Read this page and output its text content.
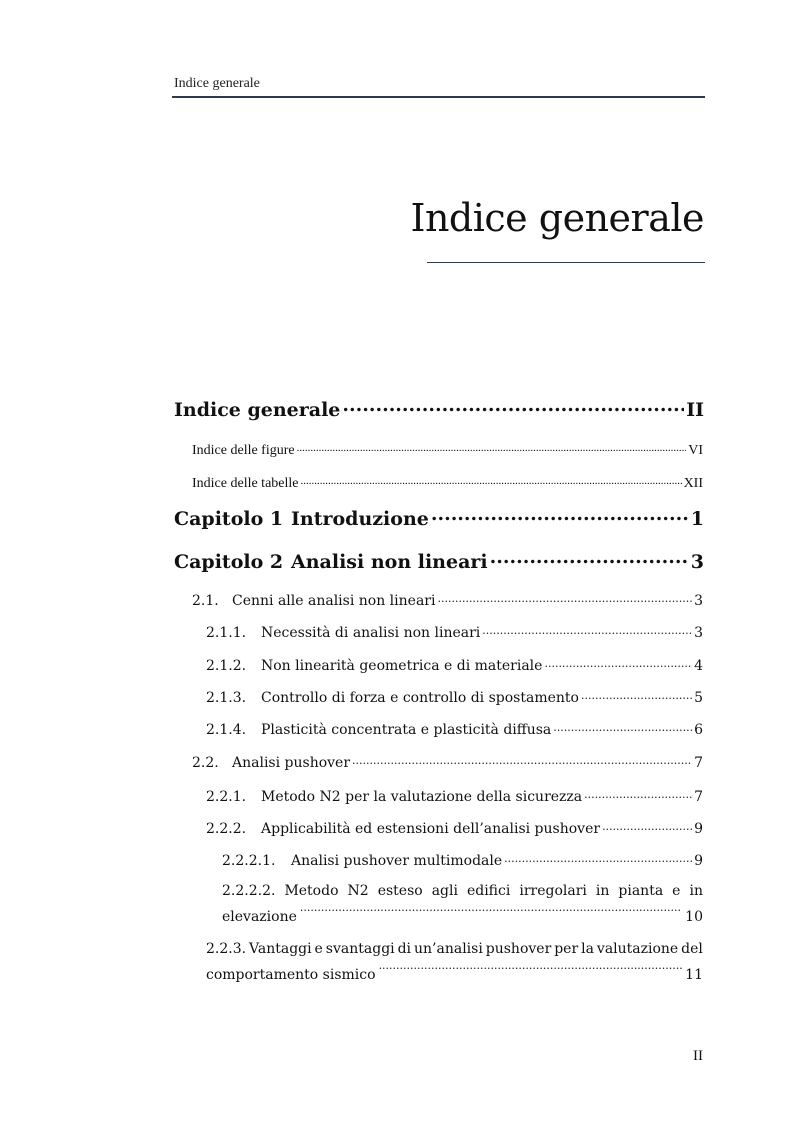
Indice generale
Indice generale
Indice generale .....	II
Indice delle figure .....	VI
Indice delle tabelle .....	XII
Capitolo 1 Introduzione .....	1
Capitolo 2 Analisi non lineari .....	3
2.1. Cenni alle analisi non lineari .....	3
2.1.1.	Necessità di analisi non lineari .....	3
2.1.2.	Non linearità geometrica e di materiale .....	4
2.1.3.	Controllo di forza e controllo di spostamento .....	5
2.1.4.	Plasticità concentrata e plasticità diffusa .....	6
2.2. Analisi pushover .....	7
2.2.1.	Metodo N2 per la valutazione della sicurezza .....	7
2.2.2.	Applicabilità ed estensioni dell’analisi pushover .....	9
2.2.2.1.	Analisi pushover multimodale .....	9
2.2.2.2. Metodo N2 esteso agli edifici irregolari in pianta e in
elevazione .....	10
2.2.3. Vantaggi e svantaggi di un’analisi pushover per la valutazione del
comportamento sismico .....	11
II
